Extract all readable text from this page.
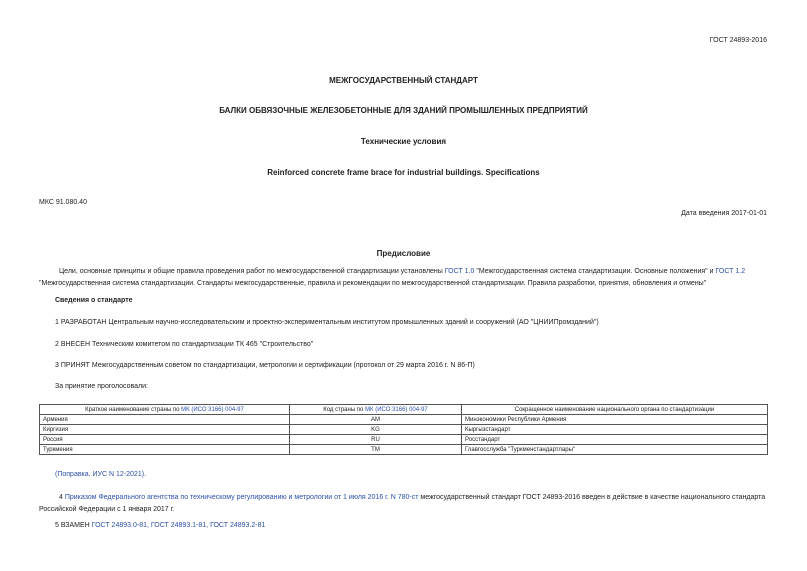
ГОСТ 24893-2016
МЕЖГОСУДАРСТВЕННЫЙ СТАНДАРТ
БАЛКИ ОБВЯЗОЧНЫЕ ЖЕЛЕЗОБЕТОННЫЕ ДЛЯ ЗДАНИЙ ПРОМЫШЛЕННЫХ ПРЕДПРИЯТИЙ
Технические условия
Reinforced concrete frame brace for industrial buildings. Specifications
МКС 91.080.40
Дата введения 2017-01-01
Предисловие

Цели, основные принципы и общие правила проведения работ по межгосударственной стандартизации установлены ГОСТ 1.0 "Межгосударственная система стандартизации. Основные положения" и ГОСТ 1.2 "Межгосударственная система стандартизации. Стандарты межгосударственные, правила и рекомендации по межгосударственной стандартизации. Правила разработки, принятия, обновления и отмены"

Сведения о стандарте
1 РАЗРАБОТАН Центральным научно-исследовательским и проектно-экспериментальным институтом промышленных зданий и сооружений (АО "ЦНИИПромзданий")
2 ВНЕСЕН Техническим комитетом по стандартизации ТК 465 "Строительство"
3 ПРИНЯТ Межгосударственным советом по стандартизации, метрологии и сертификации (протокол от 29 марта 2016 г. N 86-П)
За принятие проголосовали:
Краткое наименование страны по МК (ИСО 3166) 004-97	Код страны по МК (ИСО 3166) 004-97	Сокращенное наименование национального органа по стандартизации
Армения	AM	Минэкономики Республики Армения
Киргизия	KG	Кыргызстандарт
Россия	RU	Росстандарт
Туркмения	TM	Главгосслужба "Туркменстандартлары"
(Поправка. ИУС N 12-2021).

4 Приказом Федерального агентства по техническому регулированию и метрологии от 1 июля 2016 г. N 780-ст межгосударственный стандарт ГОСТ 24893-2016 введен в действие в качестве национального стандарта Российской Федерации с 1 января 2017 г.

5 ВЗАМЕН ГОСТ 24893.0-81, ГОСТ 24893.1-81, ГОСТ 24893.2-81
